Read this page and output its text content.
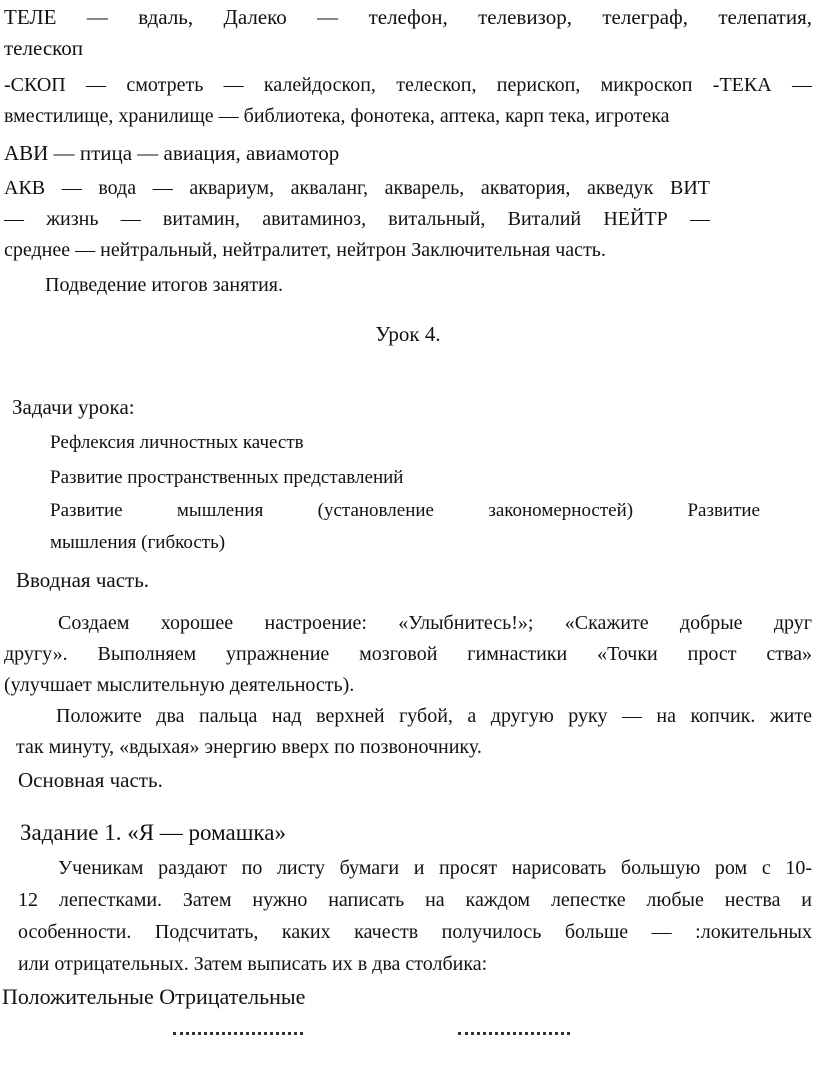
ТЕЛЕ — вдаль, Далеко — телефон, телевизор, телеграф, телепатия,
телескоп
-СКОП — смотреть — калейдоскоп, телескоп, перископ, микроскоп -ТЕКА —
вместилище, хранилище — библиотека, фонотека, аптека, карп тека, игротека
АВИ — птица — авиация, авиамотор
АКВ — вода — аквариум, акваланг, акварель, акватория, акведук ВИТ
— жизнь — витамин, авитаминоз, витальный, Виталий НЕЙТР —
среднее — нейтральный, нейтралитет, нейтрон Заключительная часть.
Подведение итогов занятия.
Урок 4.
Задачи урока:
Рефлексия личностных качеств
Развитие пространственных представлений
Развитие мышления (установление закономерностей) Развитие
мышления (гибкость)
Вводная часть.
Создаем хорошее настроение: «Улыбнитесь!»; «Скажите добрые друг
другу». Выполняем упражнение мозговой гимнастики «Точки прост ства»
(улучшает мыслительную деятельность).
Положите два пальца над верхней губой, а другую руку — на копчик. жите
так минуту, «вдыхая» энергию вверх по позвоночнику.
Основная часть.
Задание 1. «Я — ромашка»
Ученикам раздают по листу бумаги и просят нарисовать большую ром с 10-
12 лепестками. Затем нужно написать на каждом лепестке любые нества и
особенности. Подсчитать, каких качеств получилось больше — :локительных
или отрицательных. Затем выписать их в два столбика:
Положительные Отрицательные
